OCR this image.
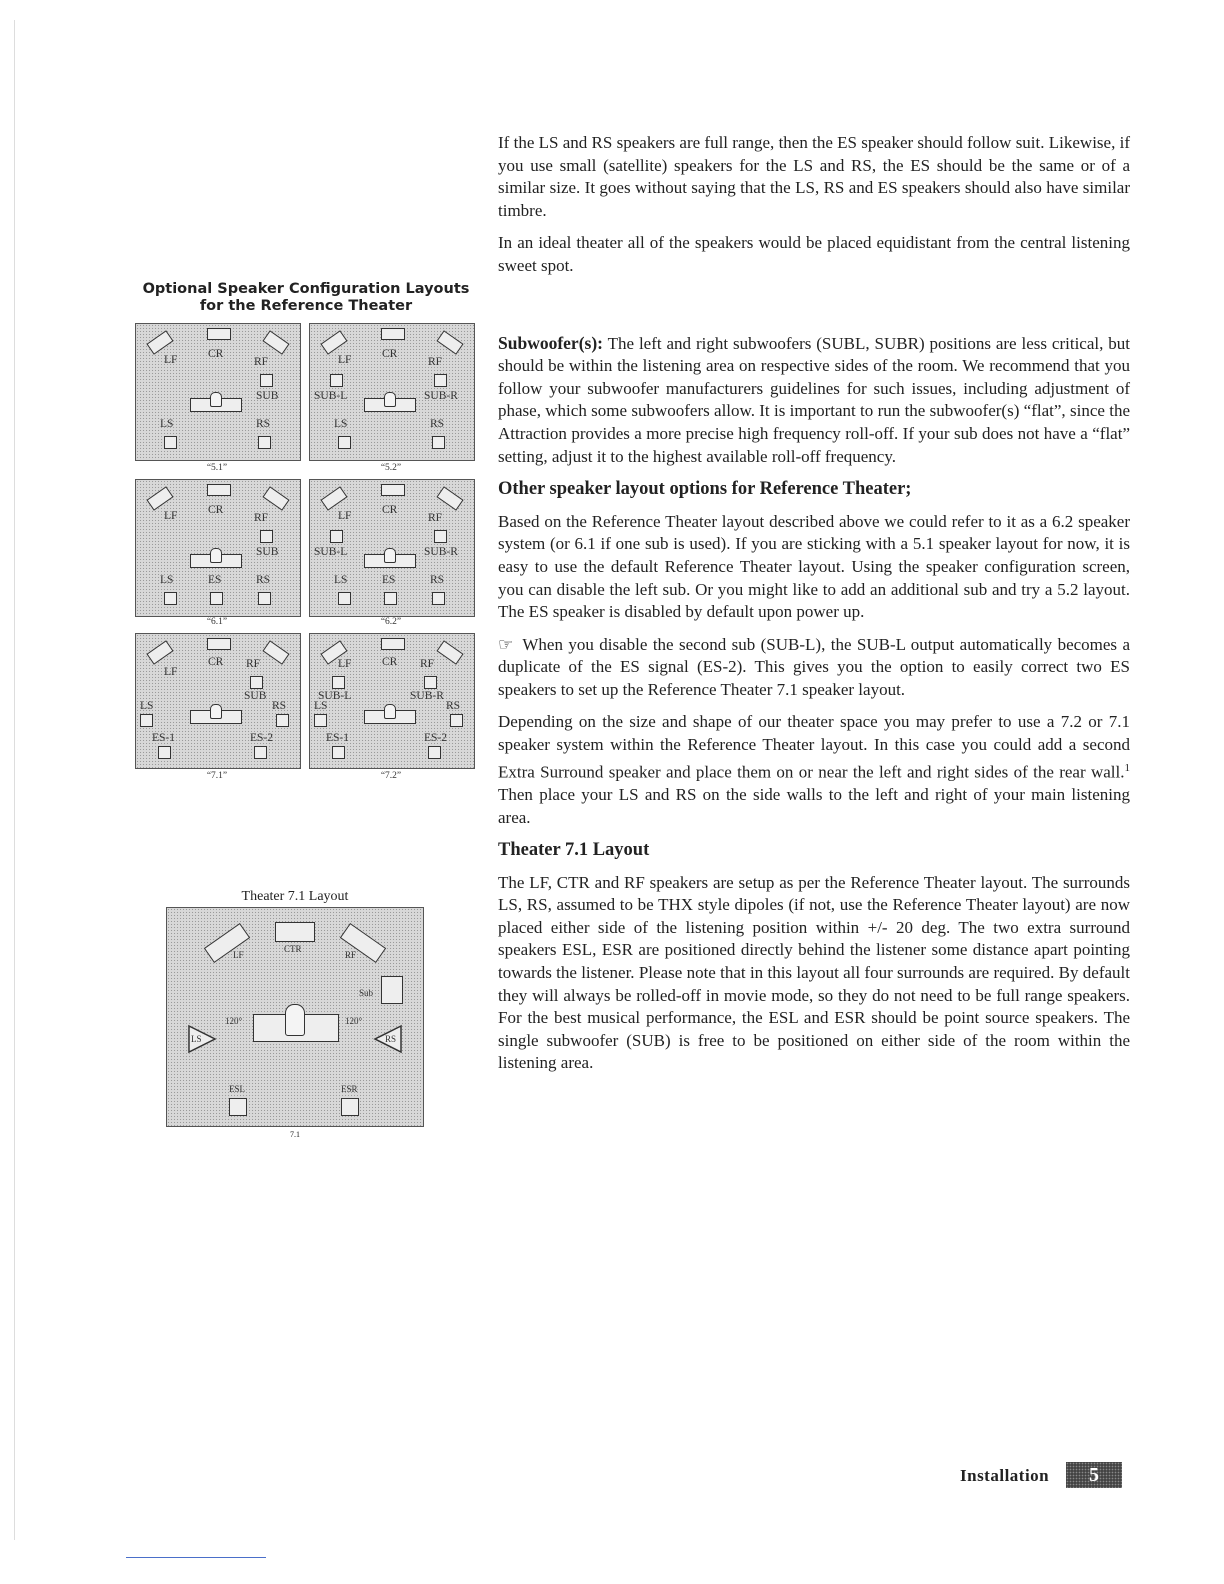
If the LS and RS speakers are full range, then the ES speaker should follow suit. Likewise, if you use small (satellite) speakers for the LS and RS, the ES should be the same or of a similar size. It goes without saying that the LS, RS and ES speakers should also have similar timbre.

In an ideal theater all of the speakers would be placed equidistant from the central listening sweet spot.

Subwoofer(s): The left and right subwoofers (SUBL, SUBR) positions are less critical, but should be within the listening area on respective sides of the room. We recommend that you follow your subwoofer manufacturers guidelines for such issues, including adjustment of phase, which some subwoofers allow. It is important to run the subwoofer(s) “flat”, since the Attraction provides a more precise high frequency roll-off. If your sub does not have a “flat” setting, adjust it to the highest available roll-off frequency.

Other speaker layout options for Reference Theater;

Based on the Reference Theater layout described above we could refer to it as a 6.2 speaker system (or 6.1 if one sub is used). If you are sticking with a 5.1 speaker layout for now, it is easy to use the default Reference Theater layout. Using the speaker configuration screen, you can disable the left sub. Or you might like to add an additional sub and try a 5.2 layout. The ES speaker is disabled by default upon power up.

☞ When you disable the second sub (SUB-L), the SUB-L output automatically becomes a duplicate of the ES signal (ES-2). This gives you the option to easily correct two ES speakers to set up the Reference Theater 7.1 speaker layout.

Depending on the size and shape of our theater space you may prefer to use a 7.2 or 7.1 speaker system within the Reference Theater layout. In this case you could add a second Extra Surround speaker and place them on or near the left and right sides of the rear wall.$^1$ Then place your LS and RS on the side walls to the left and right of your main listening area.

Theater 7.1 Layout

The LF, CTR and RF speakers are setup as per the Reference Theater layout. The surrounds LS, RS, assumed to be THX style dipoles (if not, use the Reference Theater layout) are now placed either side of the listening position within +/- 20 deg. The two extra surround speakers ESL, ESR are positioned directly behind the listener some distance apart pointing towards the listener. Please note that in this layout all four surrounds are required. By default they will always be rolled-off in movie mode, so they do not need to be full range speakers. For the best musical performance, the ESL and ESR should be point source speakers. The single subwoofer (SUB) is free to be positioned on either side of the room within the listening area.

Optional Speaker Configuration Layouts
for the Reference Theater
LF	CR
RF
SUB
LS	RS
“5.1”
LF	CR
RF
SUB-L	SUB-R
LS	RS
“5.2”
LF	CR
RF
SUB
LS	ES	RS
“6.1”
LF	CR
RF
SUB-L	SUB-R
LS	ES	RS
“6.2”
LF
CR RF
SUB
LS	RS
ES-1	ES-2
“7.1”
LF	CR RF
SUB-L	SUB-R
LS	RS
ES-1	ES-2
“7.2”
Theater 7.1 Layout
LF
CTR
RF
Sub
120°	120°
LS	RS
ESL	ESR
7.1
Installation	5
